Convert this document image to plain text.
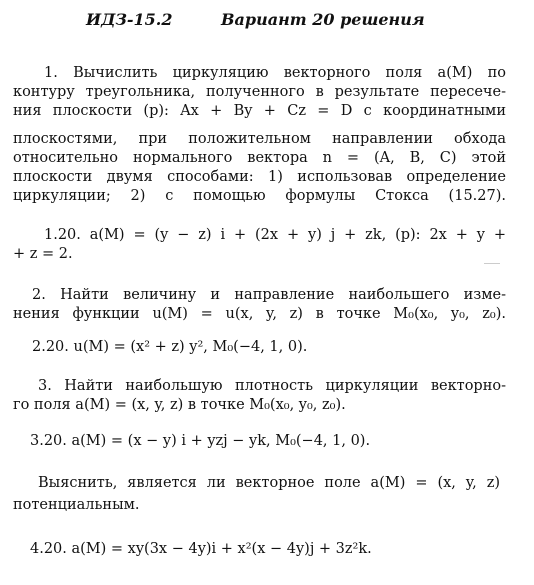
ИДЗ-15.2	Вариант 20 решения
1. Вычислить циркуляцию векторного поля a(M) по
контуру треугольника, полученного в результате пересече-
ния плоскости (p): Ax + By + Cz = D с координатными
плоскостями, при положительном направлении обхода
относительно нормального вектора n = (A, B, C) этой
плоскости двумя способами: 1) использовав определение
циркуляции; 2) с помощью формулы Стокса (15.27).
1.20. a(M) = (y − z) i + (2x + y) j + zk, (p): 2x + y +
+ z = 2.
2. Найти величину и направление наибольшего изме-
нения функции u(M) = u(x, y, z) в точке M₀(x₀, y₀, z₀).
2.20. u(M) = (x² + z) y², M₀(−4, 1, 0).
3. Найти наибольшую плотность циркуляции векторно-
го поля a(M) = (x, y, z) в точке M₀(x₀, y₀, z₀).
3.20. a(M) = (x − y) i + yzj − yk, M₀(−4, 1, 0).
Выяснить, является ли векторное поле a(M) = (x, y, z)
потенциальным.
4.20. a(M) = xy(3x − 4y)i + x²(x − 4y)j + 3z²k.
